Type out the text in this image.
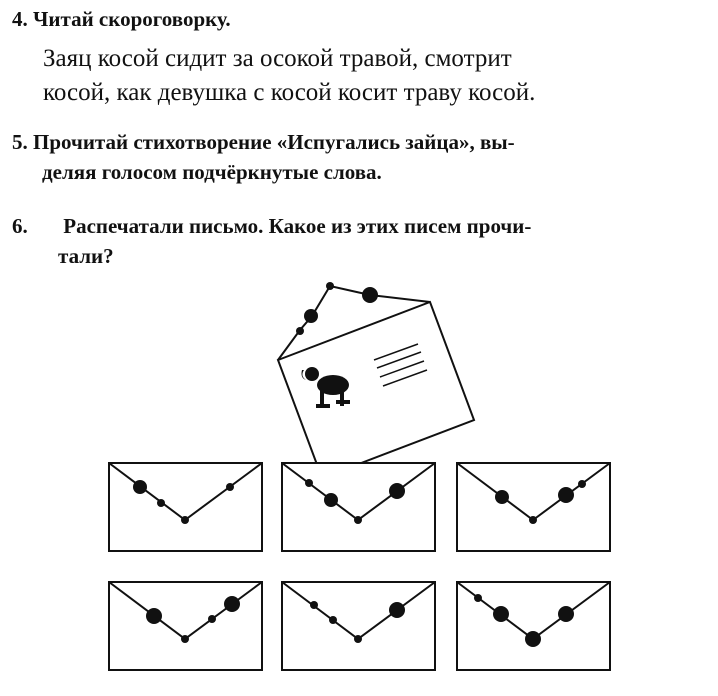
4. Читай скороговорку.
Заяц косой сидит за осокой травой, смотрит
косой, как девушка с косой косит траву косой.
5. Прочитай стихотворение «Испугались зайца», вы-
деляя голосом подчёркнутые слова.
6. Распечатали письмо. Какое из этих писем прочи-
тали?
